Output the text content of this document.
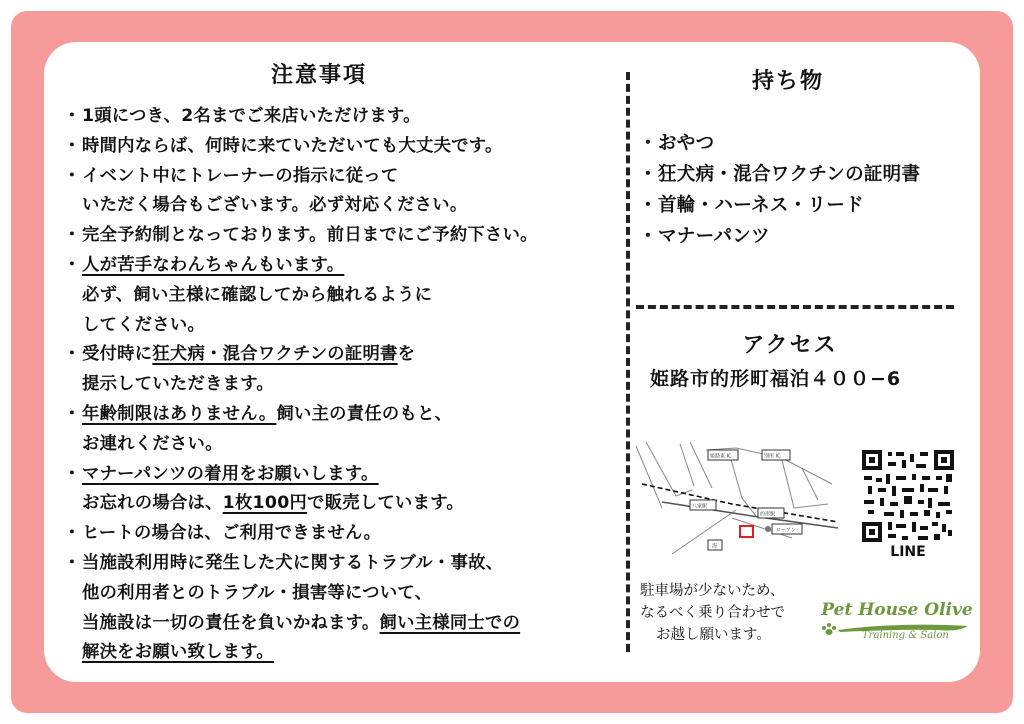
注意事項
・1頭につき、2名までご来店いただけます。
・時間内ならば、何時に来ていただいても大丈夫です。
・イベント中にトレーナーの指示に従って
いただく場合もございます。必ず対応ください。
・完全予約制となっております。前日までにご予約下さい。
・人が苦手なわんちゃんもいます。
必ず、飼い主様に確認してから触れるように
してください。
・受付時に狂犬病・混合ワクチンの証明書を
提示していただきます。
・年齢制限はありません。飼い主の責任のもと、
お連れください。
・マナーパンツの着用をお願いします。
お忘れの場合は、1枚100円で販売しています。
・ヒートの場合は、ご利用できません。
・当施設利用時に発生した犬に関するトラブル・事故、
他の利用者とのトラブル・損害等について、
当施設は一切の責任を負いかねます。飼い主様同士での
解決をお願い致します。
持ち物
・おやつ
・狂犬病・混合ワクチンの証明書
・首輪・ハーネス・リード
・マナーパンツ
アクセス
姫路市的形町福泊４００−6
姫路東 IC	別所 IC
八家駅
的形駅
ローソン
海	LINE
駐車場が少ないため、
なるべく乗り合わせで
お越し願います。
Pet House Olive
Training & Salon
